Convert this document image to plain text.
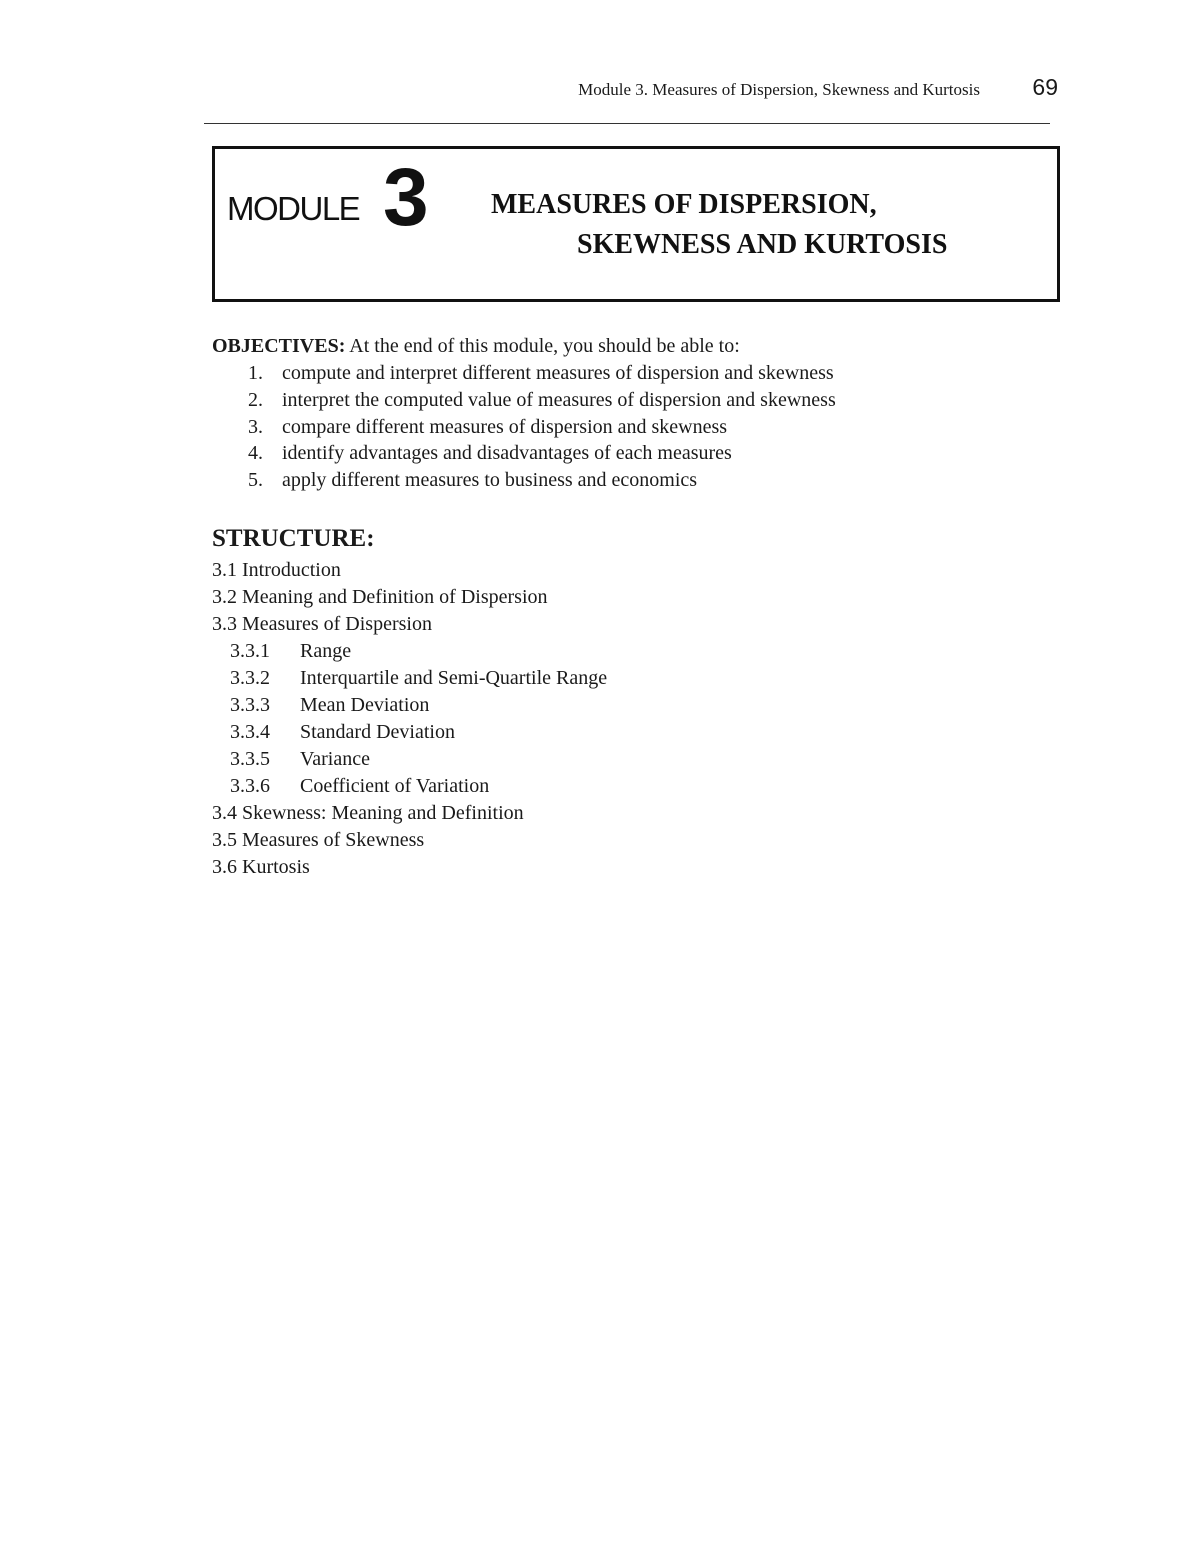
Module 3. Measures of Dispersion, Skewness and Kurtosis 69
MODULE 3 MEASURES OF DISPERSION,
SKEWNESS AND KURTOSIS

OBJECTIVES: At the end of this module, you should be able to:

1. compute and interpret different measures of dispersion and skewness
2. interpret the computed value of measures of dispersion and skewness
3. compare different measures of dispersion and skewness
4. identify advantages and disadvantages of each measures
5. apply different measures to business and economics
STRUCTURE:
3.1 Introduction
3.2 Meaning and Definition of Dispersion
3.3 Measures of Dispersion
3.3.1 Range
3.3.2 Interquartile and Semi-Quartile Range
3.3.3 Mean Deviation
3.3.4 Standard Deviation
3.3.5 Variance
3.3.6 Coefficient of Variation
3.4 Skewness: Meaning and Definition
3.5 Measures of Skewness
3.6 Kurtosis
